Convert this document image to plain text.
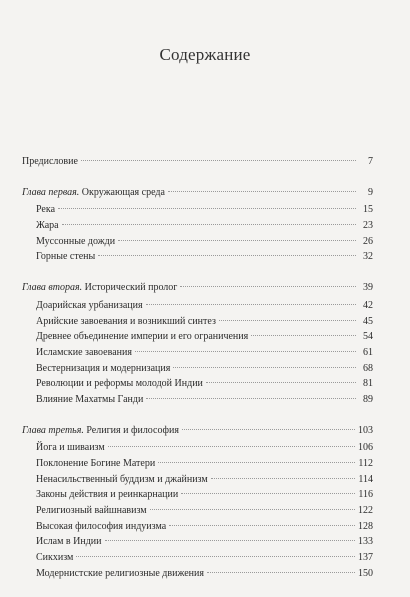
Содержание
Предисловие	7
Глава первая. Окружающая среда	9
Река	15
Жара	23
Муссонные дожди	26
Горные стены	32
Глава вторая. Исторический пролог	39
Доарийская урбанизация	42
Арийские завоевания и возникший синтез	45
Древнее объединение империи и его ограничения	54
Исламские завоевания	61
Вестернизация и модернизация	68
Революции и реформы молодой Индии	81
Влияние Махатмы Ганди	89
Глава третья. Религия и философия	103
Йога и шиваизм	106
Поклонение Богине Матери	112
Ненасильственный буддизм и джайнизм	114
Законы действия и реинкарнации	116
Религиозный вайшнавизм	122
Высокая философия индуизма	128
Ислам в Индии	133
Сикхизм	137
Модернистские религиозные движения	150
